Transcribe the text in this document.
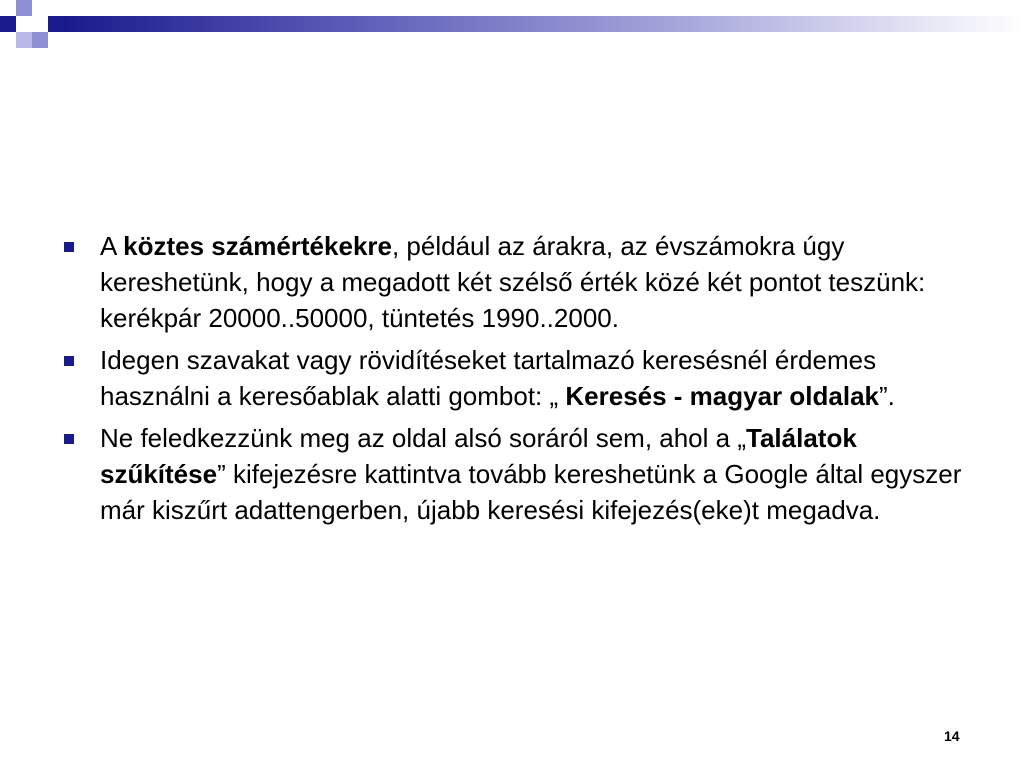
A köztes számértékekre, például az árakra, az évszámokra úgy kereshetünk, hogy a megadott két szélső érték közé két pontot teszünk: kerékpár 20000..50000, tüntetés 1990..2000.
Idegen szavakat vagy rövidítéseket tartalmazó keresésnél érdemes használni a keresőablak alatti gombot: „ Keresés - magyar oldalak”.
Ne feledkezzünk meg az oldal alsó soráról sem, ahol a „Találatok szűkítése” kifejezésre kattintva tovább kereshetünk a Google által egyszer már kiszűrt adattengerben, újabb keresési kifejezés(eke)t megadva.
14
